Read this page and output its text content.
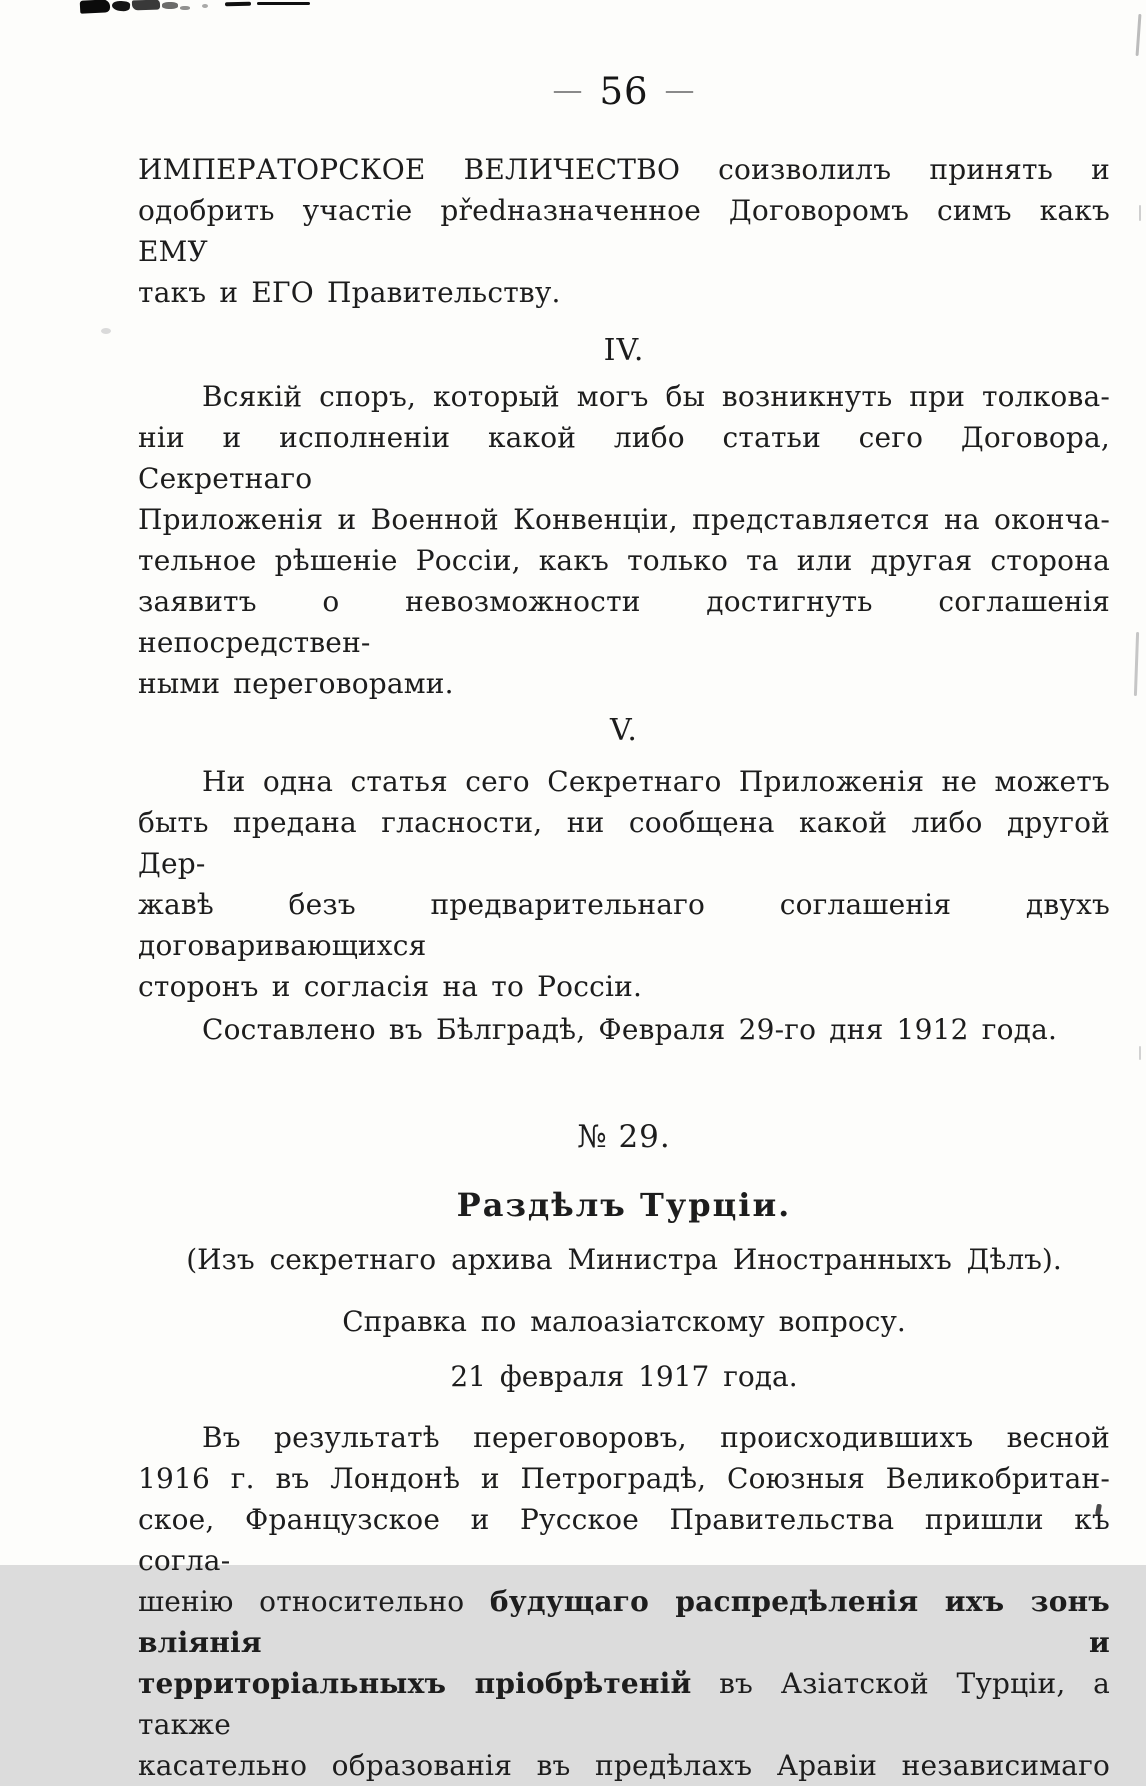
— 56 —
ИМПЕРАТОРСКОЕ ВЕЛИЧЕСТВО соизволилъ принять и
одобрить участіе předназначенное Договоромъ симъ какъ ЕМУ
такъ и ЕГО Правительству.
IV.
Всякій споръ, который могъ бы возникнуть при толкова-
ніи и исполненіи какой либо статьи сего Договора, Секретнаго
Приложенія и Военной Конвенціи, представляется на оконча-
тельное рѣшеніе Россіи, какъ только та или другая сторона
заявитъ о невозможности достигнуть соглашенія непосредствен-
ными переговорами.
V.
Ни одна статья сего Секретнаго Приложенія не можетъ
быть предана гласности, ни сообщена какой либо другой Дер-
жавѣ безъ предварительнаго соглашенія двухъ договаривающихся
сторонъ и согласія на то Россіи.
Составлено въ Бѣлградѣ, Февраля 29-го дня 1912 года.
№ 29.
Раздѣлъ Турціи.
(Изъ секретнаго архива Министра Иностранныхъ Дѣлъ).
Справка по малоазіатскому вопросу.
21 февраля 1917 года.
Въ результатѣ переговоровъ, происходившихъ весной
1916 г. въ Лондонѣ и Петроградѣ, Союзныя Великобритан-
ское, Французское и Русское Правительства пришли къ согла-
шенію относительно будущаго распредѣленія ихъ зонъ вліянія и
территоріальныхъ пріобрѣтеній въ Азіатской Турціи, а также
касательно образованія въ предѣлахъ Аравіи независимаго
